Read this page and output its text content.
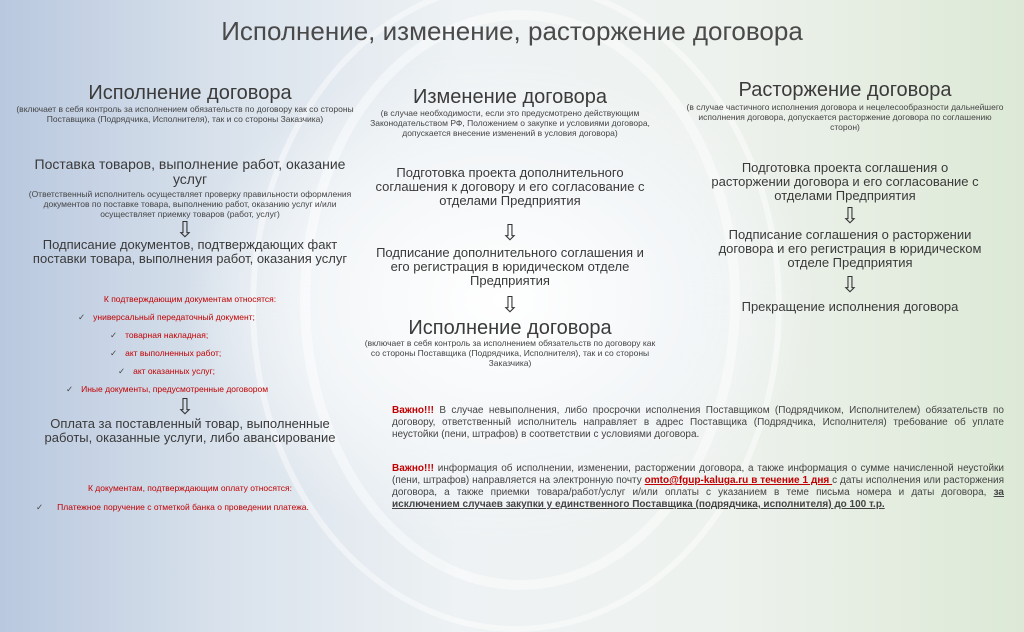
Исполнение, изменение, расторжение договора
Исполнение договора
(включает в себя контроль за исполнением обязательств по договору как со стороны Поставщика (Подрядчика, Исполнителя), так и со стороны Заказчика)
Поставка товаров, выполнение работ, оказание услуг
(Ответственный исполнитель осуществляет проверку правильности оформления документов по поставке товара, выполнению работ, оказанию услуг и/или осуществляет приемку товаров (работ, услуг)
⇩
Подписание документов, подтверждающих факт поставки товара, выполнения работ, оказания услуг
К подтверждающим документам относятся:
✓ универсальный передаточный документ;
✓ товарная накладная;
✓ акт выполненных работ;
✓ акт оказанных услуг;
✓ Иные документы, предусмотренные договором
⇩
Оплата за поставленный товар, выполненные работы, оказанные услуги, либо авансирование
К документам, подтверждающим оплату относятся:
✓ Платежное поручение с отметкой банка о проведении платежа.
Изменение договора
(в случае необходимости, если это предусмотрено действующим Законодательством РФ, Положением о закупке и условиями договора, допускается внесение изменений в условия договора)
Подготовка проекта дополнительного соглашения к договору и его согласование с отделами Предприятия
⇩
Подписание дополнительного соглашения и его регистрация в юридическом отделе Предприятия
⇩
Исполнение договора
(включает в себя контроль за исполнением обязательств по договору как со стороны Поставщика (Подрядчика, Исполнителя), так и со стороны Заказчика)
Расторжение договора
(в случае частичного исполнения договора и нецелесообразности дальнейшего исполнения договора, допускается расторжение договора по соглашению сторон)
Подготовка проекта соглашения о расторжении договора и его согласование с отделами Предприятия
⇩
Подписание соглашения о расторжении договора и его регистрация в юридическом отделе Предприятия
⇩
Прекращение исполнения договора
Важно!!! В случае невыполнения, либо просрочки исполнения Поставщиком (Подрядчиком, Исполнителем) обязательств по договору, ответственный исполнитель направляет в адрес Поставщика (Подрядчика, Исполнителя) требование об уплате неустойки (пени, штрафов) в соответствии с условиями договора.
Важно!!! информация об исполнении, изменении, расторжении договора, а также информация о сумме начисленной неустойки (пени, штрафов) направляется на электронную почту omto@fgup-kaluga.ru в течение 1 дня с даты исполнения или расторжения договора, а также приемки товара/работ/услуг и/или оплаты с указанием в теме письма номера и даты договора, за исключением случаев закупки у единственного Поставщика (подрядчика, исполнителя) до 100 т.р.
